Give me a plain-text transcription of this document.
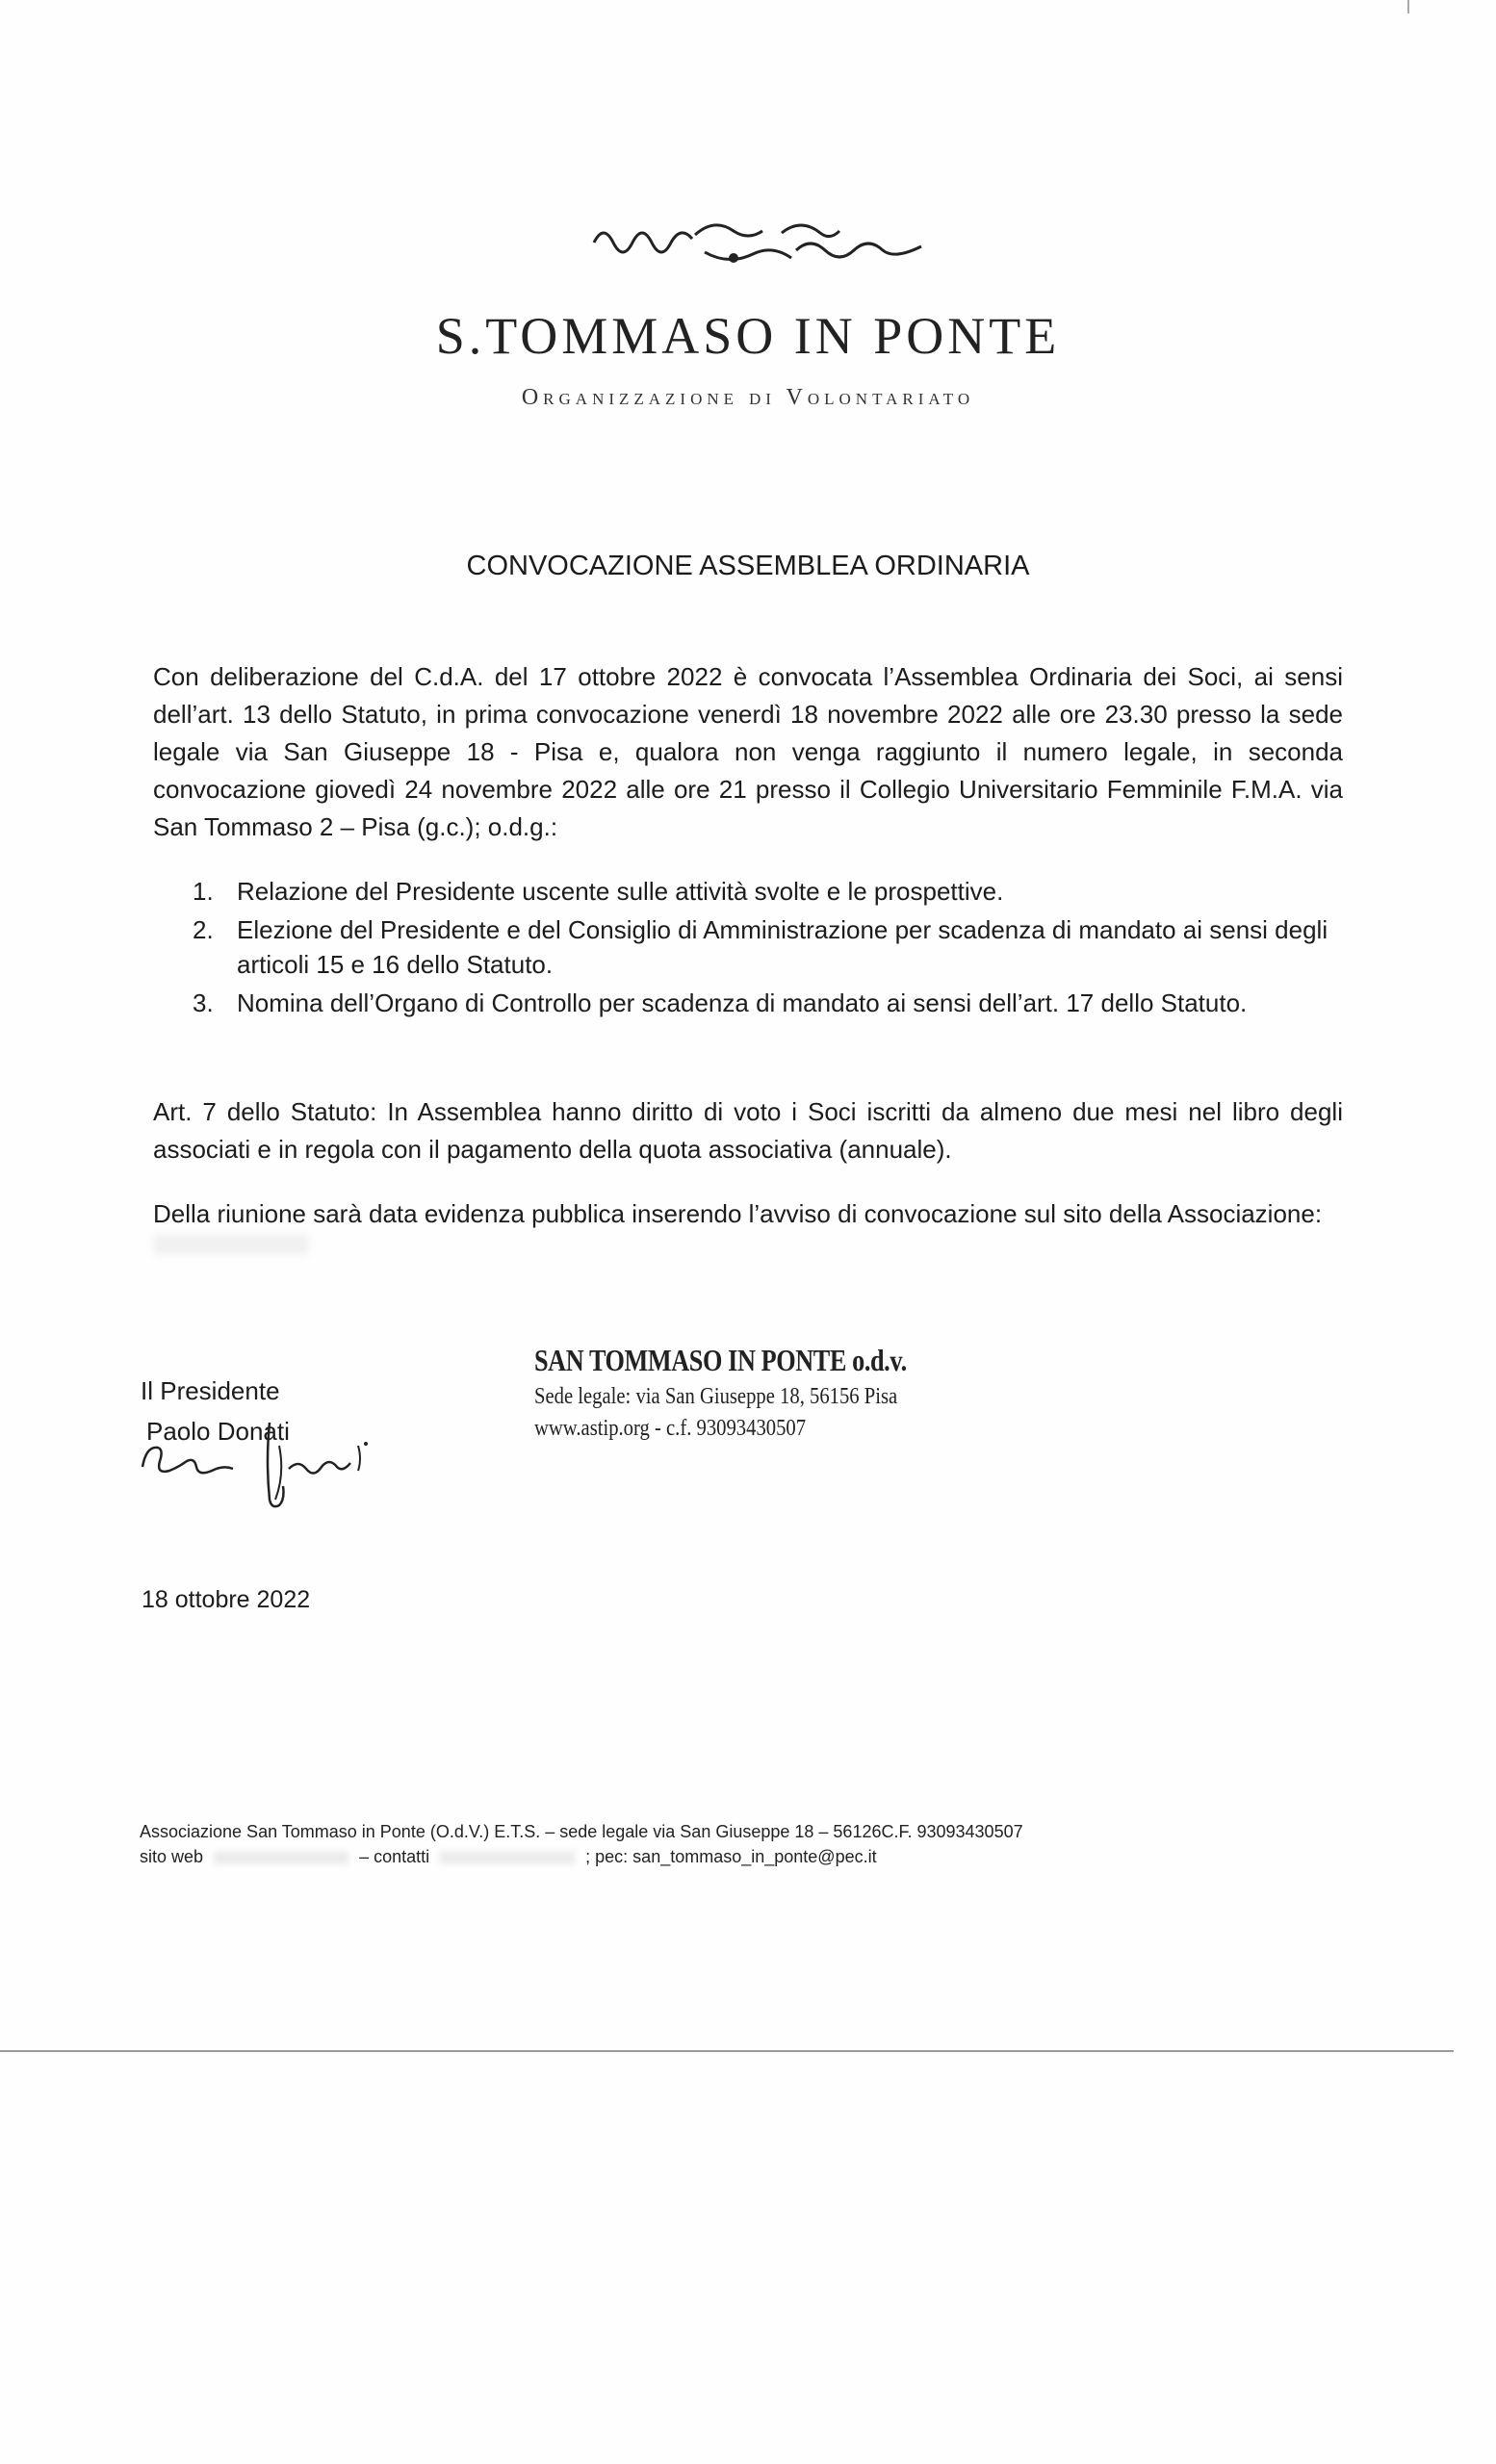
S.TOMMASO IN PONTE
Organizzazione di Volontariato
CONVOCAZIONE ASSEMBLEA ORDINARIA
Con deliberazione del C.d.A. del 17 ottobre 2022 è convocata l’Assemblea Ordinaria dei Soci, ai sensi dell’art. 13 dello Statuto, in prima convocazione venerdì 18 novembre 2022 alle ore 23.30 presso la sede legale via San Giuseppe 18 - Pisa e, qualora non venga raggiunto il numero legale, in seconda convocazione giovedì 24 novembre 2022 alle ore 21 presso il Collegio Universitario Femminile F.M.A. via San Tommaso 2 – Pisa (g.c.); o.d.g.:
1. Relazione del Presidente uscente sulle attività svolte e le prospettive.
2. Elezione del Presidente e del Consiglio di Amministrazione per scadenza di mandato ai sensi degli articoli 15 e 16 dello Statuto.
3. Nomina dell’Organo di Controllo per scadenza di mandato ai sensi dell’art. 17 dello Statuto.
Art. 7 dello Statuto: In Assemblea hanno diritto di voto i Soci iscritti da almeno due mesi nel libro degli associati e in regola con il pagamento della quota associativa (annuale).
Della riunione sarà data evidenza pubblica inserendo l’avviso di convocazione sul sito della Associazione:
SAN TOMMASO IN PONTE o.d.v.
Sede legale: via San Giuseppe 18, 56156 Pisa
www.astip.org - c.f. 93093430507
Il Presidente
Paolo Donati
18 ottobre 2022
Associazione San Tommaso in Ponte (O.d.V.) E.T.S. – sede legale via San Giuseppe 18 – 56126C.F. 93093430507
sito web	– contatti	; pec: san_tommaso_in_ponte@pec.it
